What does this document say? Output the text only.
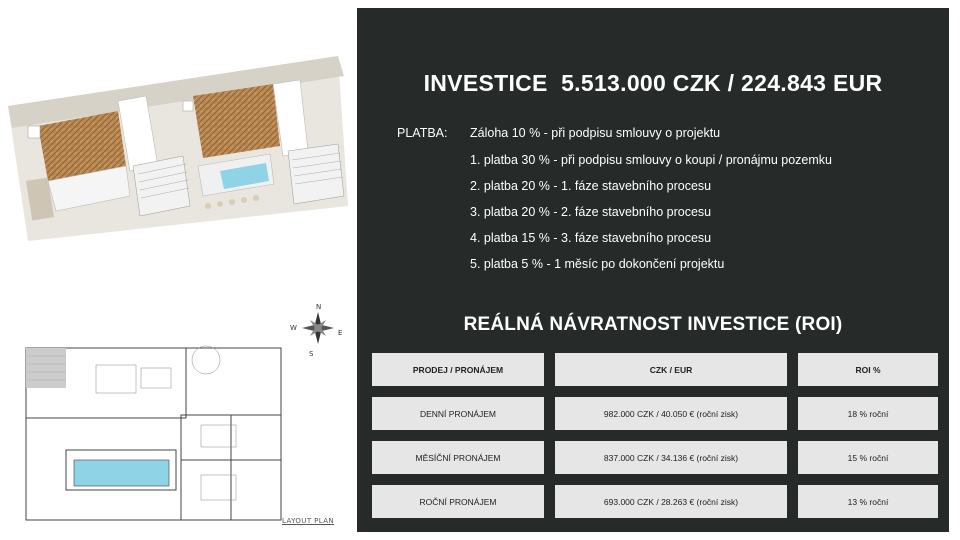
N
E
S
W
LAYOUT PLAN
INVESTICE  5.513.000 CZK / 224.843 EUR
PLATBA: Záloha 10 % - při podpisu smlouvy o projektu
1. platba 30 % - při podpisu smlouvy o koupi / pronájmu pozemku
2. platba 20 % - 1. fáze stavebního procesu
3. platba 20 % - 2. fáze stavebního procesu
4. platba 15 % - 3. fáze stavebního procesu
5. platba 5 % - 1 měsíc po dokončení projektu
REÁLNÁ NÁVRATNOST INVESTICE (ROI)
PRODEJ / PRONÁJEM	CZK / EUR	ROI %
DENNÍ PRONÁJEM	982.000 CZK / 40.050 € (roční zisk)	18 % roční
MĚSÍČNÍ PRONÁJEM	837.000 CZK / 34.136 € (roční zisk)	15 % roční
ROČNÍ PRONÁJEM	693.000 CZK / 28.263 € (roční zisk)	13 % roční
